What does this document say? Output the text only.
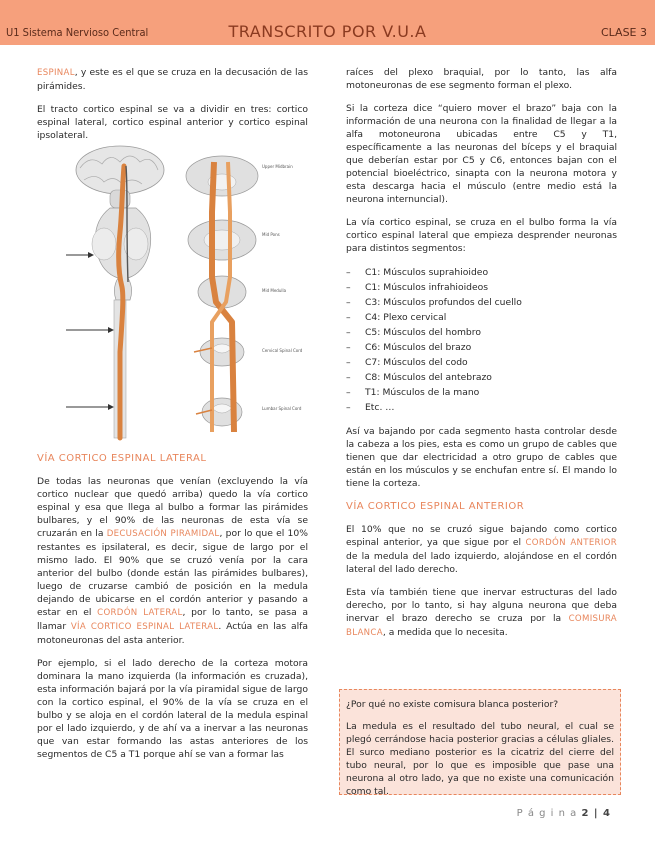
U1 Sistema Nervioso Central	TRANSCRITO POR V.U.A	CLASE 3

ESPINAL, y este es el que se cruza en la decusación de las pirámides.

El tracto cortico espinal se va a dividir en tres: cortico espinal lateral, cortico espinal anterior y cortico espinal ipsolateral.

Upper Midbrain
Mid Pons
Mid Medulla
Cervical Spinal Cord
Lumbar Spinal Cord
VÍA CORTICO ESPINAL LATERAL

De todas las neuronas que venían (excluyendo la vía cortico nuclear que quedó arriba) quedo la vía cortico espinal y esa que llega al bulbo a formar las pirámides bulbares, y el 90% de las neuronas de esta vía se cruzarán en la DECUSACIÓN PIRAMIDAL, por lo que el 10% restantes es ipsilateral, es decir, sigue de largo por el mismo lado. El 90% que se cruzó venía por la cara anterior del bulbo (donde están las pirámides bulbares), luego de cruzarse cambió de posición en la medula dejando de ubicarse en el cordón anterior y pasando a estar en el CORDÓN LATERAL, por lo tanto, se pasa a llamar VÍA CORTICO ESPINAL LATERAL. Actúa en las alfa motoneuronas del asta anterior.

Por ejemplo, si el lado derecho de la corteza motora dominara la mano izquierda (la información es cruzada), esta información bajará por la vía piramidal sigue de largo con la cortico espinal, el 90% de la vía se cruza en el bulbo y se aloja en el cordón lateral de la medula espinal por el lado izquierdo, y de ahí va a inervar a las neuronas que van estar formando las astas anteriores de los segmentos de C5 a T1 porque ahí se van a formar las

raíces del plexo braquial, por lo tanto, las alfa motoneuronas de ese segmento forman el plexo.

Si la corteza dice “quiero mover el brazo” baja con la información de una neurona con la finalidad de llegar a la alfa motoneurona ubicadas entre C5 y T1, específicamente a las neuronas del bíceps y el braquial que deberían estar por C5 y C6, entonces bajan con el potencial bioeléctrico, sinapta con la neurona motora y esta descarga hacia el músculo (entre medio está la neurona internuncial).

La vía cortico espinal, se cruza en el bulbo forma la vía cortico espinal lateral que empieza desprender neuronas para distintos segmentos:

– C1: Músculos suprahioideo
– C1: Músculos infrahioideos
– C3: Músculos profundos del cuello
– C4: Plexo cervical
– C5: Músculos del hombro
– C6: Músculos del brazo
– C7: Músculos del codo
– C8: Músculos del antebrazo
– T1: Músculos de la mano
– Etc. …

Así va bajando por cada segmento hasta controlar desde la cabeza a los pies, esta es como un grupo de cables que tienen que dar electricidad a otro grupo de cables que están en los músculos y se enchufan entre sí. El mando lo tiene la corteza.

VÍA CORTICO ESPINAL ANTERIOR

El 10% que no se cruzó sigue bajando como cortico espinal anterior, ya que sigue por el CORDÓN ANTERIOR de la medula del lado izquierdo, alojándose en el cordón lateral del lado derecho.

Esta vía también tiene que inervar estructuras del lado derecho, por lo tanto, si hay alguna neurona que deba inervar el brazo derecho se cruza por la COMISURA BLANCA, a medida que lo necesita.

¿Por qué no existe comisura blanca posterior?
La medula es el resultado del tubo neural, el cual se plegó cerrándose hacia posterior gracias a células gliales. El surco mediano posterior es la cicatriz del cierre del tubo neural, por lo que es imposible que pase una neurona al otro lado, ya que no existe una comunicación como tal.
P á g i n a 2 | 4
